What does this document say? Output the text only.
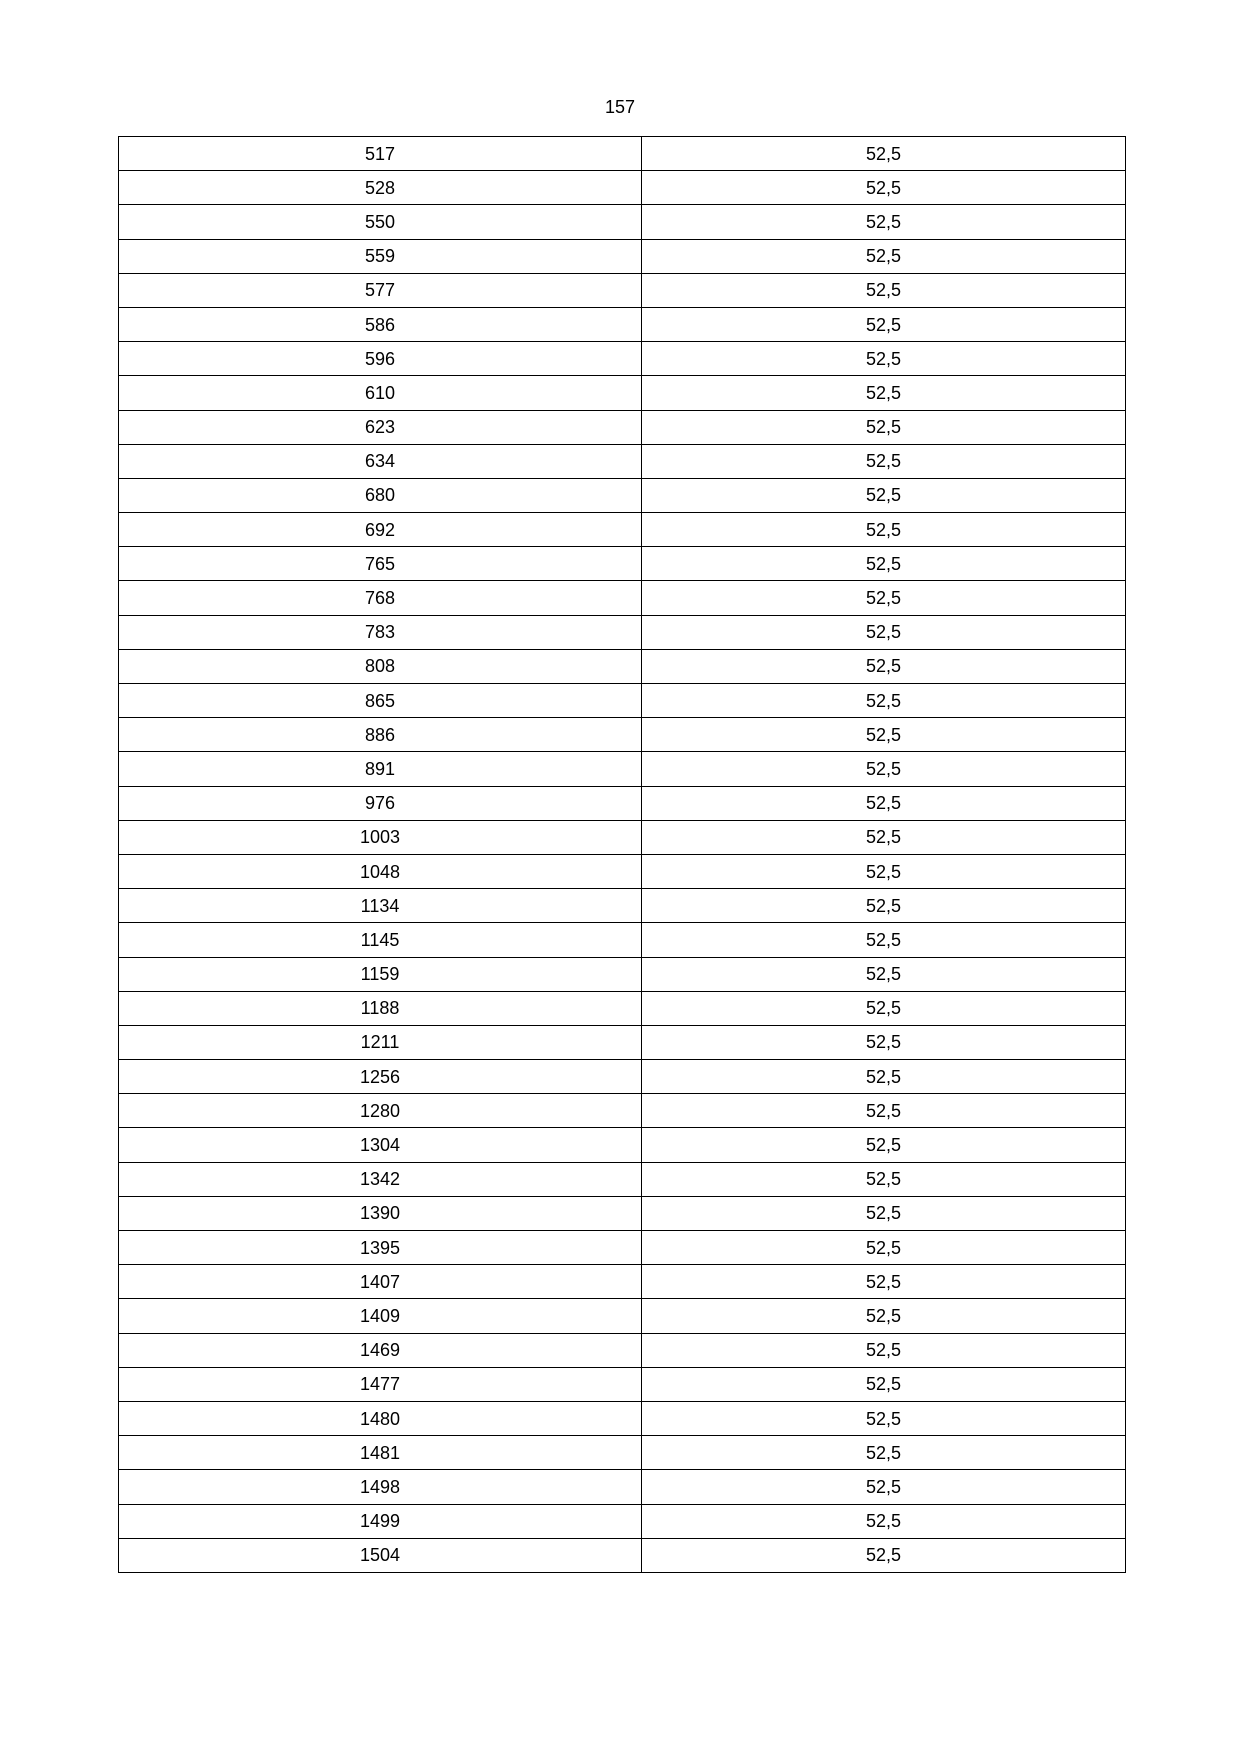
157
517	52,5
528	52,5
550	52,5
559	52,5
577	52,5
586	52,5
596	52,5
610	52,5
623	52,5
634	52,5
680	52,5
692	52,5
765	52,5
768	52,5
783	52,5
808	52,5
865	52,5
886	52,5
891	52,5
976	52,5
1003	52,5
1048	52,5
1134	52,5
1145	52,5
1159	52,5
1188	52,5
1211	52,5
1256	52,5
1280	52,5
1304	52,5
1342	52,5
1390	52,5
1395	52,5
1407	52,5
1409	52,5
1469	52,5
1477	52,5
1480	52,5
1481	52,5
1498	52,5
1499	52,5
1504	52,5
